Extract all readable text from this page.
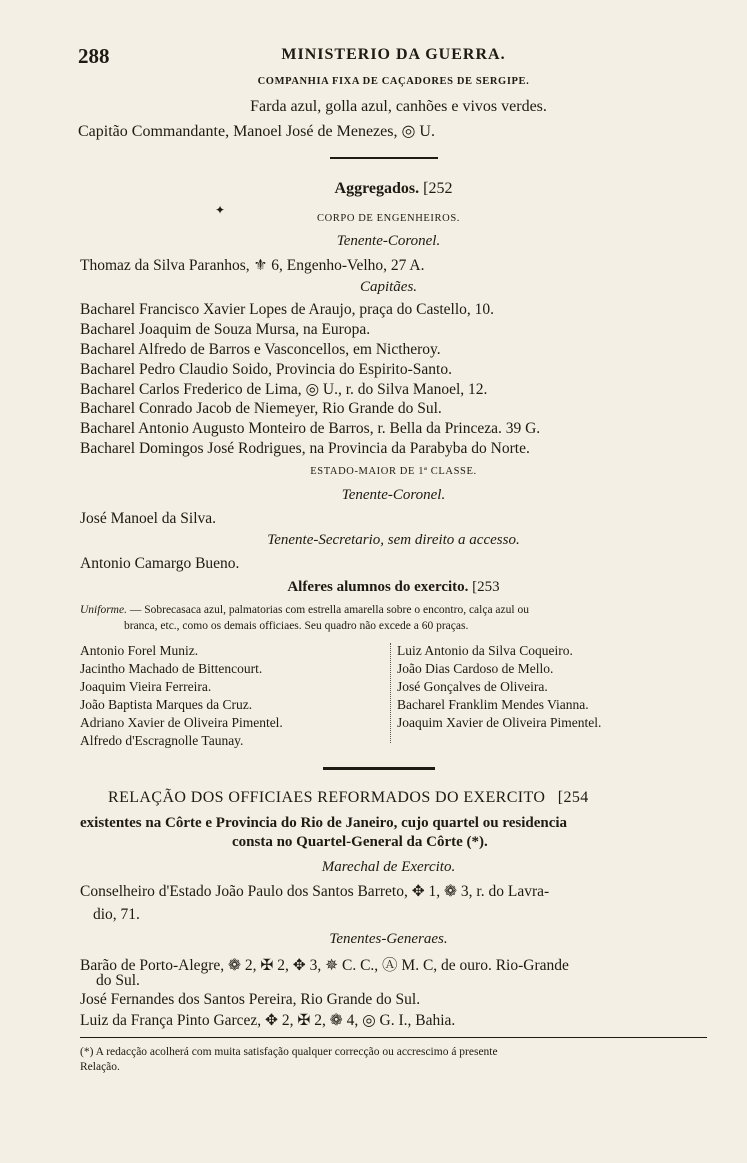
288	MINISTERIO DA GUERRA.
COMPANHIA FIXA DE CAÇADORES DE SERGIPE.
Farda azul, golla azul, canhões e vivos verdes.
Capitão Commandante, Manoel José de Menezes, ◎ U.
Aggregados. [252
✦
CORPO DE ENGENHEIROS.
Tenente-Coronel.
Thomaz da Silva Paranhos, ⚜ 6, Engenho-Velho, 27 A.
Capitães.
Bacharel Francisco Xavier Lopes de Araujo, praça do Castello, 10.
Bacharel Joaquim de Souza Mursa, na Europa.
Bacharel Alfredo de Barros e Vasconcellos, em Nictheroy.
Bacharel Pedro Claudio Soido, Provincia do Espirito-Santo.
Bacharel Carlos Frederico de Lima, ◎ U., r. do Silva Manoel, 12.
Bacharel Conrado Jacob de Niemeyer, Rio Grande do Sul.
Bacharel Antonio Augusto Monteiro de Barros, r. Bella da Princeza. 39 G.
Bacharel Domingos José Rodrigues, na Provincia da Parabyba do Norte.
ESTADO-MAIOR DE 1ª CLASSE.
Tenente-Coronel.
José Manoel da Silva.
Tenente-Secretario, sem direito a accesso.
Antonio Camargo Bueno.
Alferes alumnos do exercito. [253
Uniforme. — Sobrecasaca azul, palmatorias com estrella amarella sobre o encontro, calça azul ou
branca, etc., como os demais officiaes. Seu quadro não excede a 60 praças.
Antonio Forel Muniz.
Jacintho Machado de Bittencourt.
Joaquim Vieira Ferreira.
João Baptista Marques da Cruz.
Adriano Xavier de Oliveira Pimentel.
Alfredo d'Escragnolle Taunay.
Luiz Antonio da Silva Coqueiro.
João Dias Cardoso de Mello.
José Gonçalves de Oliveira.
Bacharel Franklim Mendes Vianna.
Joaquim Xavier de Oliveira Pimentel.
RELAÇÃO DOS OFFICIAES REFORMADOS DO EXERCITO [254
existentes na Côrte e Provincia do Rio de Janeiro, cujo quartel ou residencia
consta no Quartel-General da Côrte (*).
Marechal de Exercito.
Conselheiro d'Estado João Paulo dos Santos Barreto, ✥ 1, ❁ 3, r. do Lavra-
dio, 71.
Tenentes-Generaes.
Barão de Porto-Alegre, ❁ 2, ✠ 2, ✥ 3, ✵ C. C., Ⓐ M. C, de ouro. Rio-Grande
do Sul.
José Fernandes dos Santos Pereira, Rio Grande do Sul.
Luiz da França Pinto Garcez, ✥ 2, ✠ 2, ❁ 4, ◎ G. I., Bahia.
(*) A redacção acolherá com muita satisfação qualquer correcção ou accrescimo á presente
Relação.
